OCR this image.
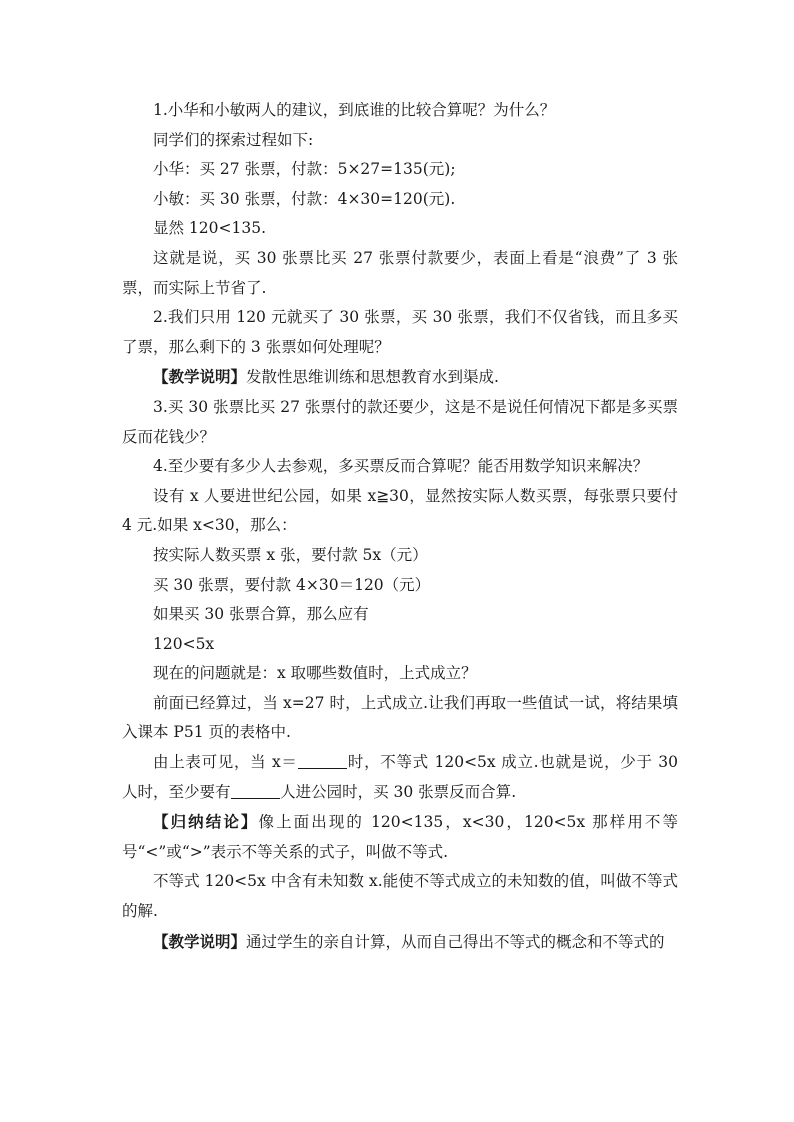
1.小华和小敏两人的建议，到底谁的比较合算呢？为什么？

同学们的探索过程如下:

小华：买 27 张票，付款：5×27=135(元);

小敏：买 30 张票，付款：4×30=120(元).

显然 120<135.

这就是说，买 30 张票比买 27 张票付款要少，表面上看是“浪费”了 3 张票，而实际上节省了.

2.我们只用 120 元就买了 30 张票，买 30 张票，我们不仅省钱，而且多买了票，那么剩下的 3 张票如何处理呢？

【教学说明】发散性思维训练和思想教育水到渠成.

3.买 30 张票比买 27 张票付的款还要少，这是不是说任何情况下都是多买票反而花钱少？

4.至少要有多少人去参观，多买票反而合算呢？能否用数学知识来解决？

设有 x 人要进世纪公园，如果 x≧30，显然按实际人数买票，每张票只要付 4 元.如果 x<30，那么：

按实际人数买票 x 张，要付款 5x（元）

买 30 张票，要付款 4×30＝120（元）

如果买 30 张票合算，那么应有

120<5x

现在的问题就是：x 取哪些数值时，上式成立？

前面已经算过，当 x=27 时，上式成立.让我们再取一些值试一试，将结果填入课本 P51 页的表格中.

由上表可见，当 x＝	时，不等式 120<5x 成立.也就是说，少于 30 人时，至少要有	人进公园时，买 30 张票反而合算.

【归纳结论】像上面出现的 120<135，x<30，120<5x 那样用不等号“<”或“>”表示不等关系的式子，叫做不等式.

不等式 120<5x 中含有未知数 x.能使不等式成立的未知数的值，叫做不等式的解.

【教学说明】通过学生的亲自计算，从而自己得出不等式的概念和不等式的
